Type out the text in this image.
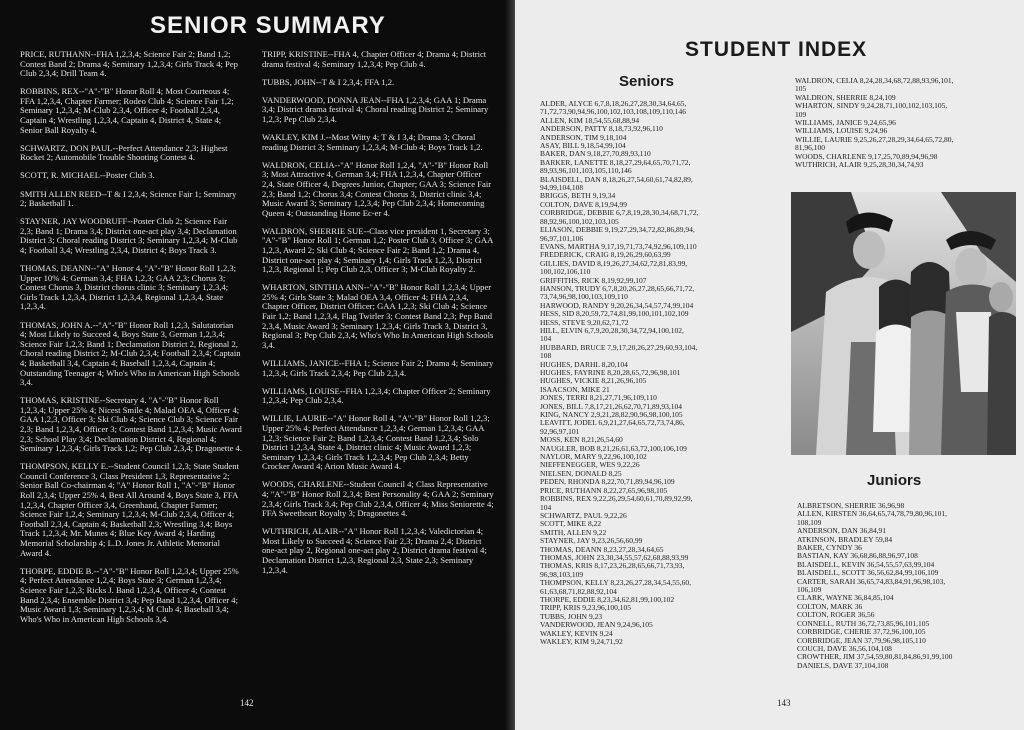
SENIOR SUMMARY
PRICE, RUTHANN--FHA 1,2,3,4; Science Fair 2; Band 1,2; Contest Band 2; Drama 4; Seminary 1,2,3,4; Girls Track 4; Pep Club 2,3,4; Drill Team 4.
ROBBINS, REX--"A"-"B" Honor Roll 4; Most Courteous 4; FFA 1,2,3,4, Chapter Farmer; Rodeo Club 4; Science Fair 1,2; Seminary 1,2,3,4; M-Club 2,3,4, Officer 4; Football 2,3,4, Captain 4; Wrestling 1,2,3,4, Captain 4, District 4, State 4; Senior Ball Royalty 4.
SCHWARTZ, DON PAUL--Perfect Attendance 2,3; Highest Rocket 2; Automobile Trouble Shooting Contest 4.
SCOTT, R. MICHAEL--Poster Club 3.
SMITH ALLEN REED--T & I 2,3,4; Science Fair 1; Seminary 2; Basketball 1.
STAYNER, JAY WOODRUFF--Poster Club 2; Science Fair 2,3; Band 1; Drama 3,4; District one-act play 3,4; Declamation District 3; Choral reading District 3; Seminary 1,2,3,4; M-Club 4; Football 3,4; Wrestling 2,3,4, District 4; Boys Track 3.
THOMAS, DEANN--"A" Honor 4, "A"-"B" Honor Roll 1,2,3; Upper 10% 4; German 3,4; FHA 1,2,3; GAA 2,3; Chorus 3; Contest Chorus 3, District chorus clinic 3; Seminary 1,2,3,4; Girls Track 1,2,3,4, District 1,2,3,4, Regional 1,2,3,4, State 1,2,3,4.
THOMAS, JOHN A.--"A"-"B" Honor Roll 1,2,3, Salutatorian 4; Most Likely to Succeed 4, Boys State 3, German 1,2,3,4; Science Fair 1,2,3; Band 1; Declamation District 2, Regional 2, Choral reading District 2; M-Club 2,3,4; Football 2,3,4; Captain 4; Basketball 3,4, Captain 4; Baseball 1,2,3,4, Captain 4; Outstanding Teenager 4; Who's Who in American High Schools 3,4.
THOMAS, KRISTINE--Secretary 4. "A"-"B" Honor Roll 1,2,3,4; Upper 25% 4; Nicest Smile 4; Malad OEA 4, Officer 4; GAA 1,2,3, Officer 3; Ski Club 4; Science Club 3; Science Fair 2,3; Band 1,2,3,4, Officer 3; Contest Band 1,2,3,4; Music Award 2,3; School Play 3,4; Declamation District 4, Regional 4; Seminary 1,2,3,4; Girls Track 1,2; Pep Club 2,3,4; Dragonette 4.
THOMPSON, KELLY E.--Student Council 1,2,3; State Student Council Conference 3, Class President 1,3, Representative 2; Senior Ball Co-chairman 4; "A" Honor Roll 1, "A"-"B" Honor Roll 2,3,4; Upper 25% 4, Best All Around 4, Boys State 3, FFA 1,2,3,4, Chapter Officer 3,4, Greenhand, Chapter Farmer; Science Fair 1,2,4; Seminary 1,2,3,4; M-Club 2,3,4, Officer 4; Football 2,3,4, Captain 4; Basketball 2,3; Wrestling 3,4; Boys Track 1,2,3,4; Mr. Munes 4; Blue Key Award 4; Harding Memorial Scholarship 4; L.D. Jones Jr. Athletic Memorial Award 4.
THORPE, EDDIE B.--"A"-"B" Honor Roll 1,2,3,4; Upper 25% 4; Perfect Attendance 1,2,4; Boys State 3; German 1,2,3,4; Science Fair 1,2,3; Ricks J. Band 1,2,3,4, Officer 4; Contest Band 2,3,4; Ensemble District 3,4; Pep Band 1,2,3,4, Officer 4; Music Award 1,3; Seminary 1,2,3,4; M Club 4; Baseball 3,4; Who's Who in American High Schools 3,4.
TRIPP, KRISTINE--FHA 4, Chapter Officer 4; Drama 4; District drama festival 4; Seminary 1,2,3,4; Pep Club 4.
TUBBS, JOHN--T & I 2,3,4; FFA 1,2.
VANDERWOOD, DONNA JEAN--FHA 1,2,3,4; GAA 1; Drama 3,4; District drama festival 4; Choral reading District 2; Seminary 1,2,3; Pep Club 2,3,4.
WAKLEY, KIM J.--Most Witty 4; T & I 3,4; Drama 3; Choral reading District 3; Seminary 1,2,3,4; M-Club 4; Boys Track 1,2.
WALDRON, CELIA--"A" Honor Roll 1,2,4, "A"-"B" Honor Roll 3; Most Attractive 4, German 3,4; FHA 1,2,3,4, Chapter Officer 2,4, State Officer 4, Degrees Junior, Chapter; GAA 3; Science Fair 2,3; Band 1,2; Chorus 3,4; Contest Chorus 3, District clinic 3,4; Music Award 3; Seminary 1,2,3,4; Pep Club 2,3,4; Homecoming Queen 4; Outstanding Home Ec-er 4.
WALDRON, SHERRIE SUE--Class vice president 1, Secretary 3; "A"-"B" Honor Roll 1; German 1,2; Poster Club 3, Officer 3; GAA 1,2,3, Award 2; Ski Club 4; Science Fair 2; Band 1,2; Drama 4, District one-act play 4; Seminary 1,4; Girls Track 1,2,3, District 1,2,3, Regional 1; Pep Club 2,3, Officer 3; M-Club Royalty 2.
WHARTON, SINTHIA ANN--"A"-"B" Honor Roll 1,2,3,4; Upper 25% 4; Girls State 3; Malad OEA 3,4, Officer 4; FHA 2,3,4, Chapter Officer, District Officer; GAA 1,2,3; Ski Club 4; Science Fair 1,2; Band 1,2,3,4, Flag Twirler 3; Contest Band 2,3; Pep Band 2,3,4, Music Award 3; Seminary 1,2,3,4; Girls Track 3, District 3, Regional 3; Pep Club 2,3,4; Who's Who In American High Schools 3,4.
WILLIAMS, JANICE--FHA 1; Science Fair 2; Drama 4; Seminary 1,2,3,4; Girls Track 2,3,4; Pep Club 2,3,4.
WILLIAMS, LOUISE--FHA 1,2,3,4; Chapter Officer 2; Seminary 1,2,3,4; Pep Club 2,3,4.
WILLIE, LAURIE--"A" Honor Roll 4, "A"-"B" Honor Roll 1,2,3; Upper 25% 4; Perfect Attendance 1,2,3,4; German 1,2,3,4; GAA 1,2,3; Science Fair 2; Band 1,2,3,4; Contest Band 1,2,3,4; Solo District 1,2,3,4, State 4, District clinic 4; Music Award 1,2,3; Seminary 1,2,3,4; Girls Track 1,2,3,4; Pep Club 2,3,4; Betty Crocker Award 4; Arion Music Award 4.
WOODS, CHARLENE--Student Council 4; Class Representative 4; "A"-"B" Honor Roll 2,3,4; Best Personality 4; GAA 2; Seminary 2,3,4; Girls Track 3,4; Pep Club 2,3,4, Officer 4; Miss Seniorette 4; FFA Sweetheart Royalty 3; Dragonettes 4.
WUTHRICH, ALAIR--"A" Honor Roll 1,2,3,4; Valedictorian 4; Most Likely to Succeed 4; Science Fair 2,3; Drama 2,4; District one-act play 2, Regional one-act play 2, District drama festival 4; Declamation District 1,2,3, Regional 2,3, State 2,3; Seminary 1,2,3,4.
142
STUDENT INDEX
Seniors
ALDER, ALYCE 6,7,8,18,26,27,28,30,34,64,65,
71,72,73,90,94,96,100,102,103,108,109,110,146
ALLEN, KIM 18,54,55,68,88,94
ANDERSON, PATTY 8,18,73,92,96,110
ANDERSON, TIM 9,18,104
ASAY, BILL 9,18,54,99,104
BAKER, DAN 9,18,27,70,89,93,110
BARKER, LANETTE 8,18,27,29,64,65,70,71,72,
89,93,96,101,103,105,110,146
BLAISDELL, DAN 8,18,26,27,54,60,61,74,82,89,
94,99,104,108
BRIGGS, BETH 9,19,34
COLTON, DAVE 8,19,94,99
CORBRIDGE, DEBBIE 6,7,8,19,28,30,34,68,71,72,
88,92,96,100,102,103,105
ELIASON, DEBBIE 9,19,27,29,34,72,82,86,89,94,
96,97,101,106
EVANS, MARTHA 9,17,19,71,73,74,92,96,109,110
FREDERICK, CRAIG 8,19,26,29,60,63,99
GILLIES, DAVID 8,19,26,27,34,62,72,81,83,99,
100,102,106,110
GRIFFITHS, RICK 8,19,92,99,107
HANSON, TRUDY 6,7,8,20,26,27,28,65,66,71,72,
73,74,96,98,100,103,109,110
HARWOOD, RANDY 9,20,26,34,54,57,74,99,104
HESS, SID 8,20,59,72,74,81,99,100,101,102,109
HESS, STEVE 9,20,62,71,72
HILL, ELVIN 6,7,9,20,28,30,34,72,94,100,102,
104
HUBBARD, BRUCE 7,9,17,20,26,27,29,60,93,104,
108
HUGHES, DARHL 8,20,104
HUGHES, FAYRINE 8,20,28,65,72,96,98,101
HUGHES, VICKIE 8,21,26,96,105
ISAACSON, MIKE 21
JONES, TERRI 8,21,27,71,96,109,110
JONES, BILL 7,8,17,21,26,62,70,71,89,93,104
KING, NANCY 2,9,21,28,82,90,96,98,100,105
LEAVITT, JODEL 6,9,21,27,64,65,72,73,74,86,
92,96,97,101
MOSS, KEN 8,21,26,54,60
NAUGLER, BOB 8,21,26,61,63,72,100,106,109
NAYLOR, MARY 9,22,96,100,102
NIEFFENEGGER, WES 9,22,26
NIELSEN, DONALD 8,25
PEDEN, RHONDA 8,22,70,71,89,94,96,109
PRICE, RUTHANN 8,22,27,65,96,98,105
ROBBINS, REX 9,22,26,29,54,60,61,70,89,92,99,
104
SCHWARTZ, PAUL 9,22,26
SCOTT, MIKE 8,22
SMITH, ALLEN 9,22
STAYNER, JAY 9,23,26,56,60,99
THOMAS, DEANN 8,23,27,28,34,64,65
THOMAS, JOHN 23,30,34,55,57,62,68,88,93,99
THOMAS, KRIS 8,17,23,26,28,65,66,71,73,93,
96,98,103,109
THOMPSON, KELLY 8,23,26,27,28,34,54,55,60,
61,63,68,71,82,88,92,104
THORPE, EDDIE 8,23,34,62,81,99,100,102
TRIPP, KRIS 9,23,96,100,105
TUBBS, JOHN 9,23
VANDERWOOD, JEAN 9,24,96,105
WAKLEY, KEVIN 9,24
WAKLEY, KIM 9,24,71,92
WALDRON, CELIA 8,24,28,34,68,72,88,93,96,101,
105
WALDRON, SHERRIE 8,24,109
WHARTON, SINDY 9,24,28,71,100,102,103,105,
109
WILLIAMS, JANICE 9,24,65,96
WILLIAMS, LOUISE 9,24,96
WILLIE, LAURIE 9,25,26,27,28,29,34,64,65,72,80,
81,96,100
WOODS, CHARLENE 9,17,25,70,89,94,96,98
WUTHRICH, ALAIR 9,25,28,30,34,74,93
Juniors
ALBRETSON, SHERRIE 36,96,98
ALLEN, KIRSTEN 36,64,65,74,78,79,80,96,101,
108,109
ANDERSON, DAN 36,84,91
ATKINSON, BRADLEY 59,84
BAKER, CYNDY 36
BASTIAN, KAY 36,68,86,88,96,97,108
BLAISDELL, KEVIN 36,54,55,57,63,99,104
BLAISDELL, SCOTT 36,56,62,84,99,106,109
CARTER, SARAH 36,65,74,83,84,91,96,98,103,
106,109
CLARK, WAYNE 36,84,85,104
COLTON, MARK 36
COLTON, ROGER 36,56
CONNELL, RUTH 36,72,73,85,96,101,105
CORBRIDGE, CHERIE 37,72,96,100,105
CORBRIDGE, JEAN 37,79,96,98,105,110
COUCH, DAVE 36,56,104,108
CROWTHER, JIM 37,54,59,80,81,84,86,91,99,100
DANIELS, DAVE 37,104,108
143
